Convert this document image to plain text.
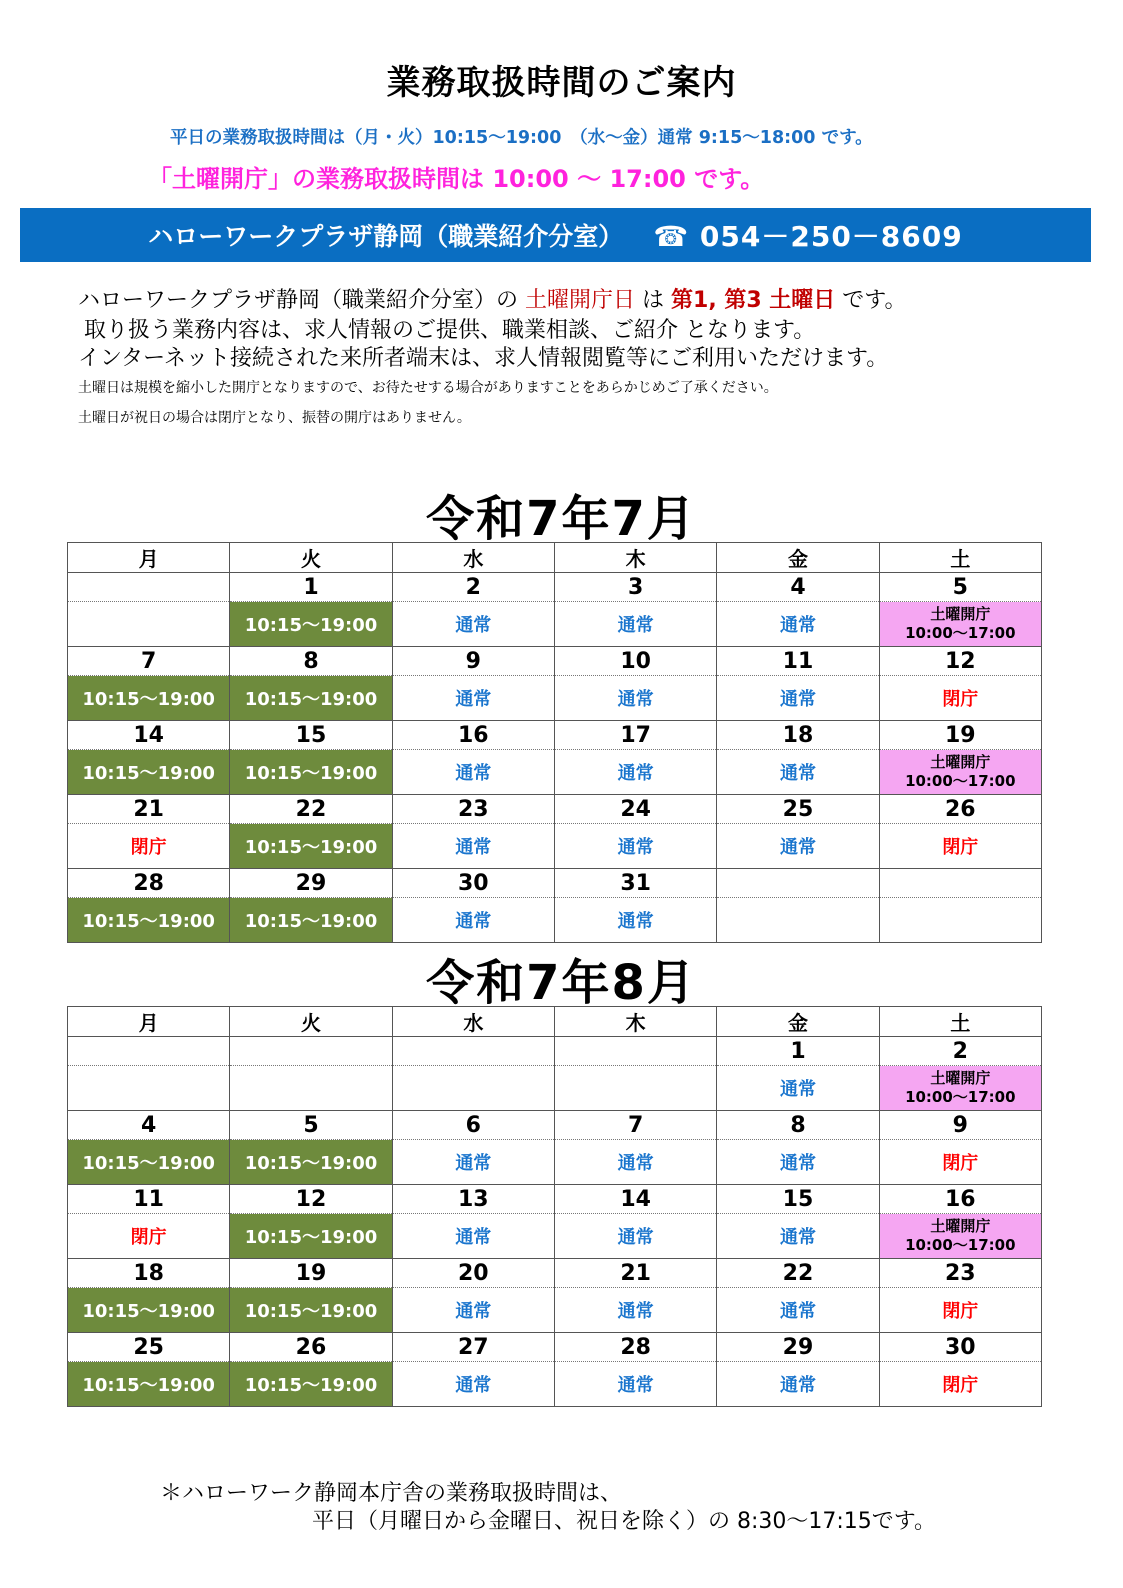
業務取扱時間のご案内
平日の業務取扱時間は（月・火）10:15～19:00　（水～金）通常 9:15～18:00 です。
「土曜開庁」の業務取扱時間は 10:00 ～ 17:00 です。
ハローワークプラザ静岡（職業紹介分室） ☎ 054－250－8609
ハローワークプラザ静岡（職業紹介分室）の 土曜開庁日 は 第1, 第3 土曜日 です。
取り扱う業務内容は、求人情報のご提供、職業相談、ご紹介 となります。
インターネット接続された来所者端末は、求人情報閲覧等にご利用いただけます。
土曜日は規模を縮小した開庁となりますので、お待たせする場合がありますことをあらかじめご了承ください。
土曜日が祝日の場合は閉庁となり、振替の開庁はありません。
令和7年7月
月	火	水	木	金	土
	1	2	3	4	5
	10:15～19:00	通常	通常	通常	土曜開庁
10:00～17:00

7	8	9	10	11	12
10:15～19:00	10:15～19:00	通常	通常	通常	閉庁
14	15	16	17	18	19
10:15～19:00	10:15～19:00	通常	通常	通常	土曜開庁
10:00～17:00

21	22	23	24	25	26
閉庁	10:15～19:00	通常	通常	通常	閉庁
28	29	30	31		
10:15～19:00	10:15～19:00	通常	通常		
令和7年8月
月	火	水	木	金	土
				1	2
				通常	土曜開庁
10:00～17:00

4	5	6	7	8	9
10:15～19:00	10:15～19:00	通常	通常	通常	閉庁
11	12	13	14	15	16
閉庁	10:15～19:00	通常	通常	通常	土曜開庁
10:00～17:00

18	19	20	21	22	23
10:15～19:00	10:15～19:00	通常	通常	通常	閉庁
25	26	27	28	29	30
10:15～19:00	10:15～19:00	通常	通常	通常	閉庁
＊ハローワーク静岡本庁舎の業務取扱時間は、
平日（月曜日から金曜日、祝日を除く）の 8:30～17:15です。
